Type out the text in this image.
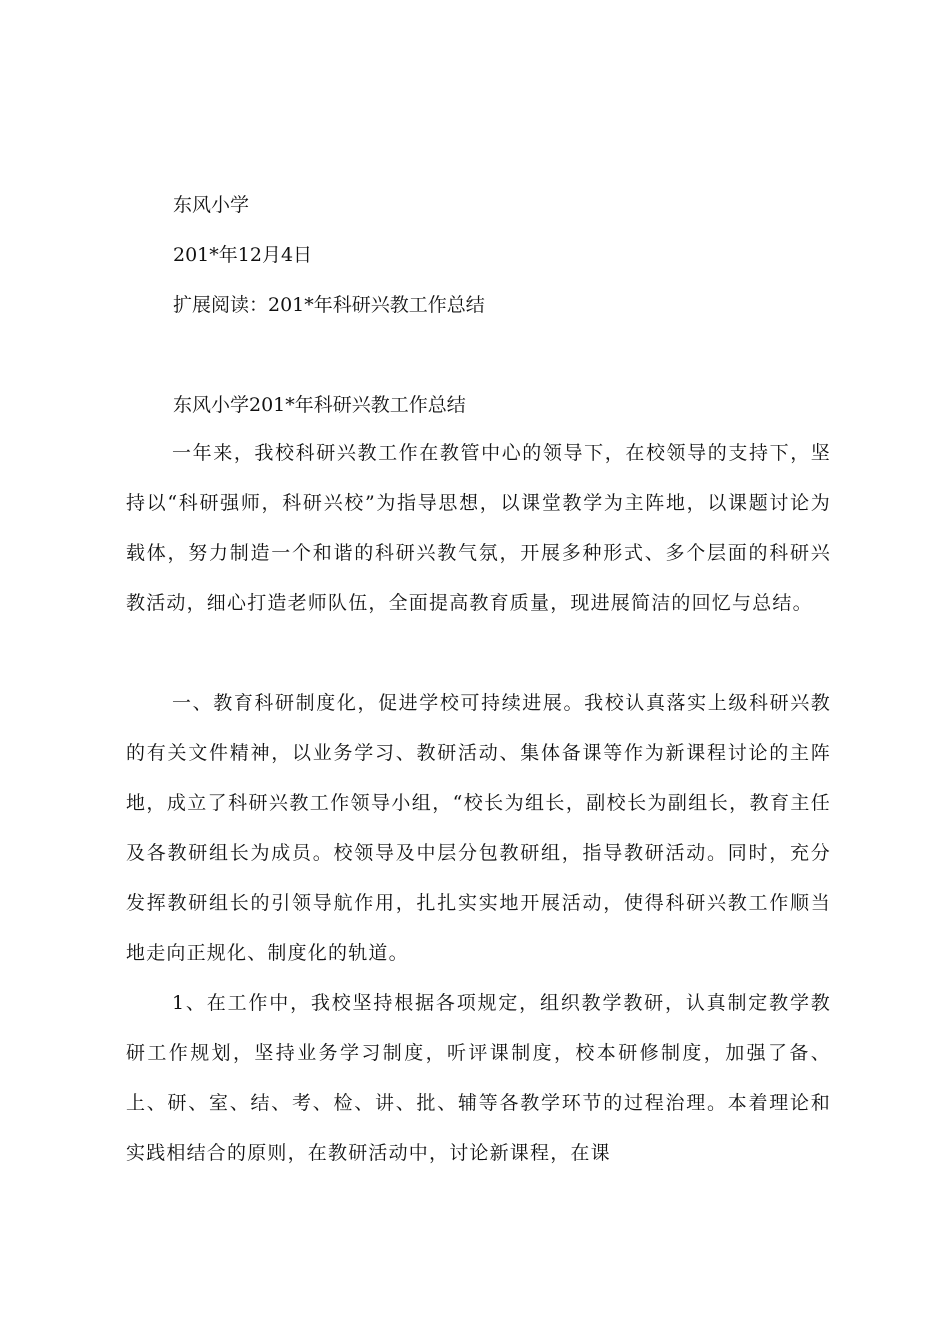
东风小学
201*年12月4日
扩展阅读：201*年科研兴教工作总结
东风小学201*年科研兴教工作总结

一年来，我校科研兴教工作在教管中心的领导下，在校领导的支持下，坚持以“科研强师，科研兴校”为指导思想，以课堂教学为主阵地，以课题讨论为载体，努力制造一个和谐的科研兴教气氛，开展多种形式、多个层面的科研兴教活动，细心打造老师队伍，全面提高教育质量，现进展简洁的回忆与总结。

一、教育科研制度化，促进学校可持续进展。我校认真落实上级科研兴教的有关文件精神，以业务学习、教研活动、集体备课等作为新课程讨论的主阵地，成立了科研兴教工作领导小组，“校长为组长，副校长为副组长，教育主任及各教研组长为成员。校领导及中层分包教研组，指导教研活动。同时，充分发挥教研组长的引领导航作用，扎扎实实地开展活动，使得科研兴教工作顺当地走向正规化、制度化的轨道。

1、在工作中，我校坚持根据各项规定，组织教学教研，认真制定教学教研工作规划，坚持业务学习制度，听评课制度，校本研修制度，加强了备、上、研、室、结、考、检、讲、批、辅等各教学环节的过程治理。本着理论和实践相结合的原则，在教研活动中，讨论新课程，在课
